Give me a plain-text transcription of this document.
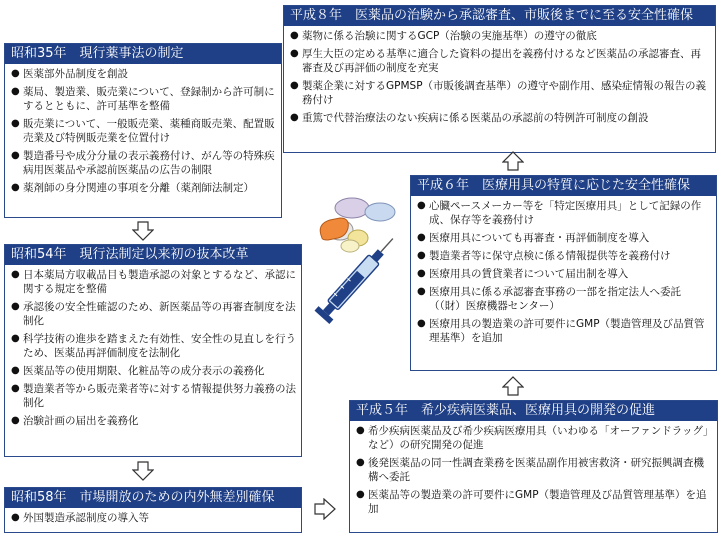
平成８年　医薬品の治験から承認審査、市販後までに至る安全性確保
● 薬物に係る治験に関するGCP（治験の実施基準）の遵守の徹底
● 厚生大臣の定める基準に適合した資料の提出を義務付けるなど医薬品の承認審査、再審査及び再評価の制度を充実
● 製薬企業に対するGPMSP（市販後調査基準）の遵守や副作用、感染症情報の報告の義務付け
● 重篤で代替治療法のない疾病に係る医薬品の承認前の特例許可制度の創設
昭和35年　現行薬事法の制定
● 医薬部外品制度を創設
● 薬局、製造業、販売業について、登録制から許可制にするとともに、許可基準を整備
● 販売業について、一般販売業、薬種商販売業、配置販売業及び特例販売業を位置付け
● 製造番号や成分分量の表示義務付け、がん等の特殊疾病用医薬品や承認前医薬品の広告の制限
● 薬剤師の身分関連の事項を分離（薬剤師法制定）
昭和54年　現行法制定以来初の抜本改革
● 日本薬局方収載品目も製造承認の対象とするなど、承認に関する規定を整備
● 承認後の安全性確認のため、新医薬品等の再審査制度を法制化
● 科学技術の進歩を踏まえた有効性、安全性の見直しを行うため、医薬品再評価制度を法制化
● 医薬品等の使用期限、化粧品等の成分表示の義務化
● 製造業者等から販売業者等に対する情報提供努力義務の法制化
● 治験計画の届出を義務化
昭和58年　市場開放のための内外無差別確保
● 外国製造承認制度の導入等
平成５年　希少疾病医薬品、医療用具の開発の促進
● 希少疾病医薬品及び希少疾病医療用具（いわゆる「オーファンドラッグ」など）の研究開発の促進
● 後発医薬品の同一性調査業務を医薬品副作用被害救済・研究振興調査機構へ委託
● 医薬品等の製造業の許可要件にGMP（製造管理及び品質管理基準）を追加
平成６年　医療用具の特質に応じた安全性確保
● 心臓ペースメーカー等を「特定医療用具」として記録の作成、保存等を義務付け
● 医療用具についても再審査・再評価制度を導入
● 製造業者等に保守点検に係る情報提供等を義務付け
● 医療用具の賃貸業者について届出制を導入
● 医療用具に係る承認審査事務の一部を指定法人へ委託（（財）医療機器センター）
● 医療用具の製造業の許可要件にGMP（製造管理及び品質管理基準）を追加
